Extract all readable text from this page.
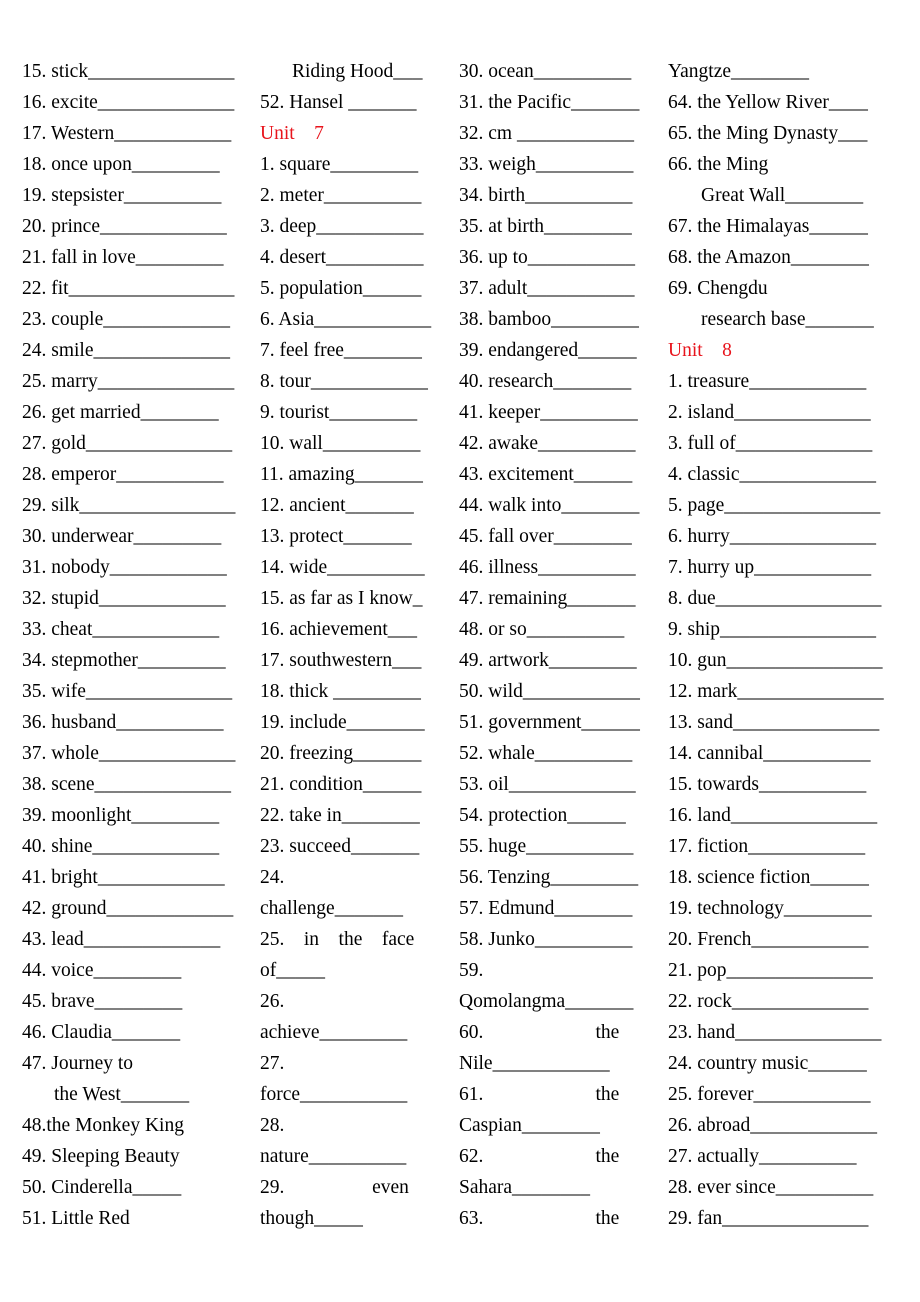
15. stick_______________
16. excite______________
17. Western____________
18. once upon_________
19. stepsister__________
20. prince_____________
21. fall in love_________
22. fit_________________
23. couple_____________
24. smile______________
25. marry______________
26. get married________
27. gold_______________
28. emperor___________
29. silk________________
30. underwear_________
31. nobody____________
32. stupid_____________
33. cheat_____________
34. stepmother_________
35. wife_______________
36. husband___________
37. whole______________
38. scene______________
39. moonlight_________
40. shine_____________
41. bright_____________
42. ground_____________
43. lead______________
44. voice_________
45. brave_________
46. Claudia_______
47. Journey to
the West_______
48.the Monkey King
49. Sleeping Beauty
50. Cinderella_____
51. Little Red
Riding Hood___
52. Hansel _______
Unit    7
1. square_________
2. meter__________
3. deep___________
4. desert__________
5. population______
6. Asia____________
7. feel free________
8. tour____________
9. tourist_________
10. wall__________
11. amazing_______
12. ancient_______
13. protect_______
14. wide__________
15. as far as I know_
16. achievement___
17. southwestern___
18. thick _________
19. include________
20. freezing_______
21. condition______
22. take in________
23. succeed_______
24.
challenge_______
25.    in    the    face
of_____
26.
achieve_________
27.
force___________
28.
nature__________
29.                  even
though_____
30. ocean__________
31. the Pacific_______
32. cm ____________
33. weigh__________
34. birth___________
35. at birth_________
36. up to___________
37. adult___________
38. bamboo_________
39. endangered______
40. research________
41. keeper__________
42. awake__________
43. excitement______
44. walk into________
45. fall over________
46. illness__________
47. remaining_______
48. or so__________
49. artwork_________
50. wild____________
51. government______
52. whale__________
53. oil_____________
54. protection______
55. huge___________
56. Tenzing_________
57. Edmund________
58. Junko__________
59.
Qomolangma_______
60.                       the
Nile____________
61.                       the
Caspian________
62.                       the
Sahara________
63.                       the
Yangtze________
64. the Yellow River____
65. the Ming Dynasty___
66. the Ming
Great Wall________
67. the Himalayas______
68. the Amazon________
69. Chengdu
research base_______
Unit    8
1. treasure____________
2. island______________
3. full of______________
4. classic______________
5. page________________
6. hurry_______________
7. hurry up____________
8. due_________________
9. ship________________
10. gun________________
12. mark_______________
13. sand_______________
14. cannibal___________
15. towards___________
16. land_______________
17. fiction____________
18. science fiction______
19. technology_________
20. French____________
21. pop_______________
22. rock______________
23. hand_______________
24. country music______
25. forever____________
26. abroad_____________
27. actually__________
28. ever since__________
29. fan_______________
